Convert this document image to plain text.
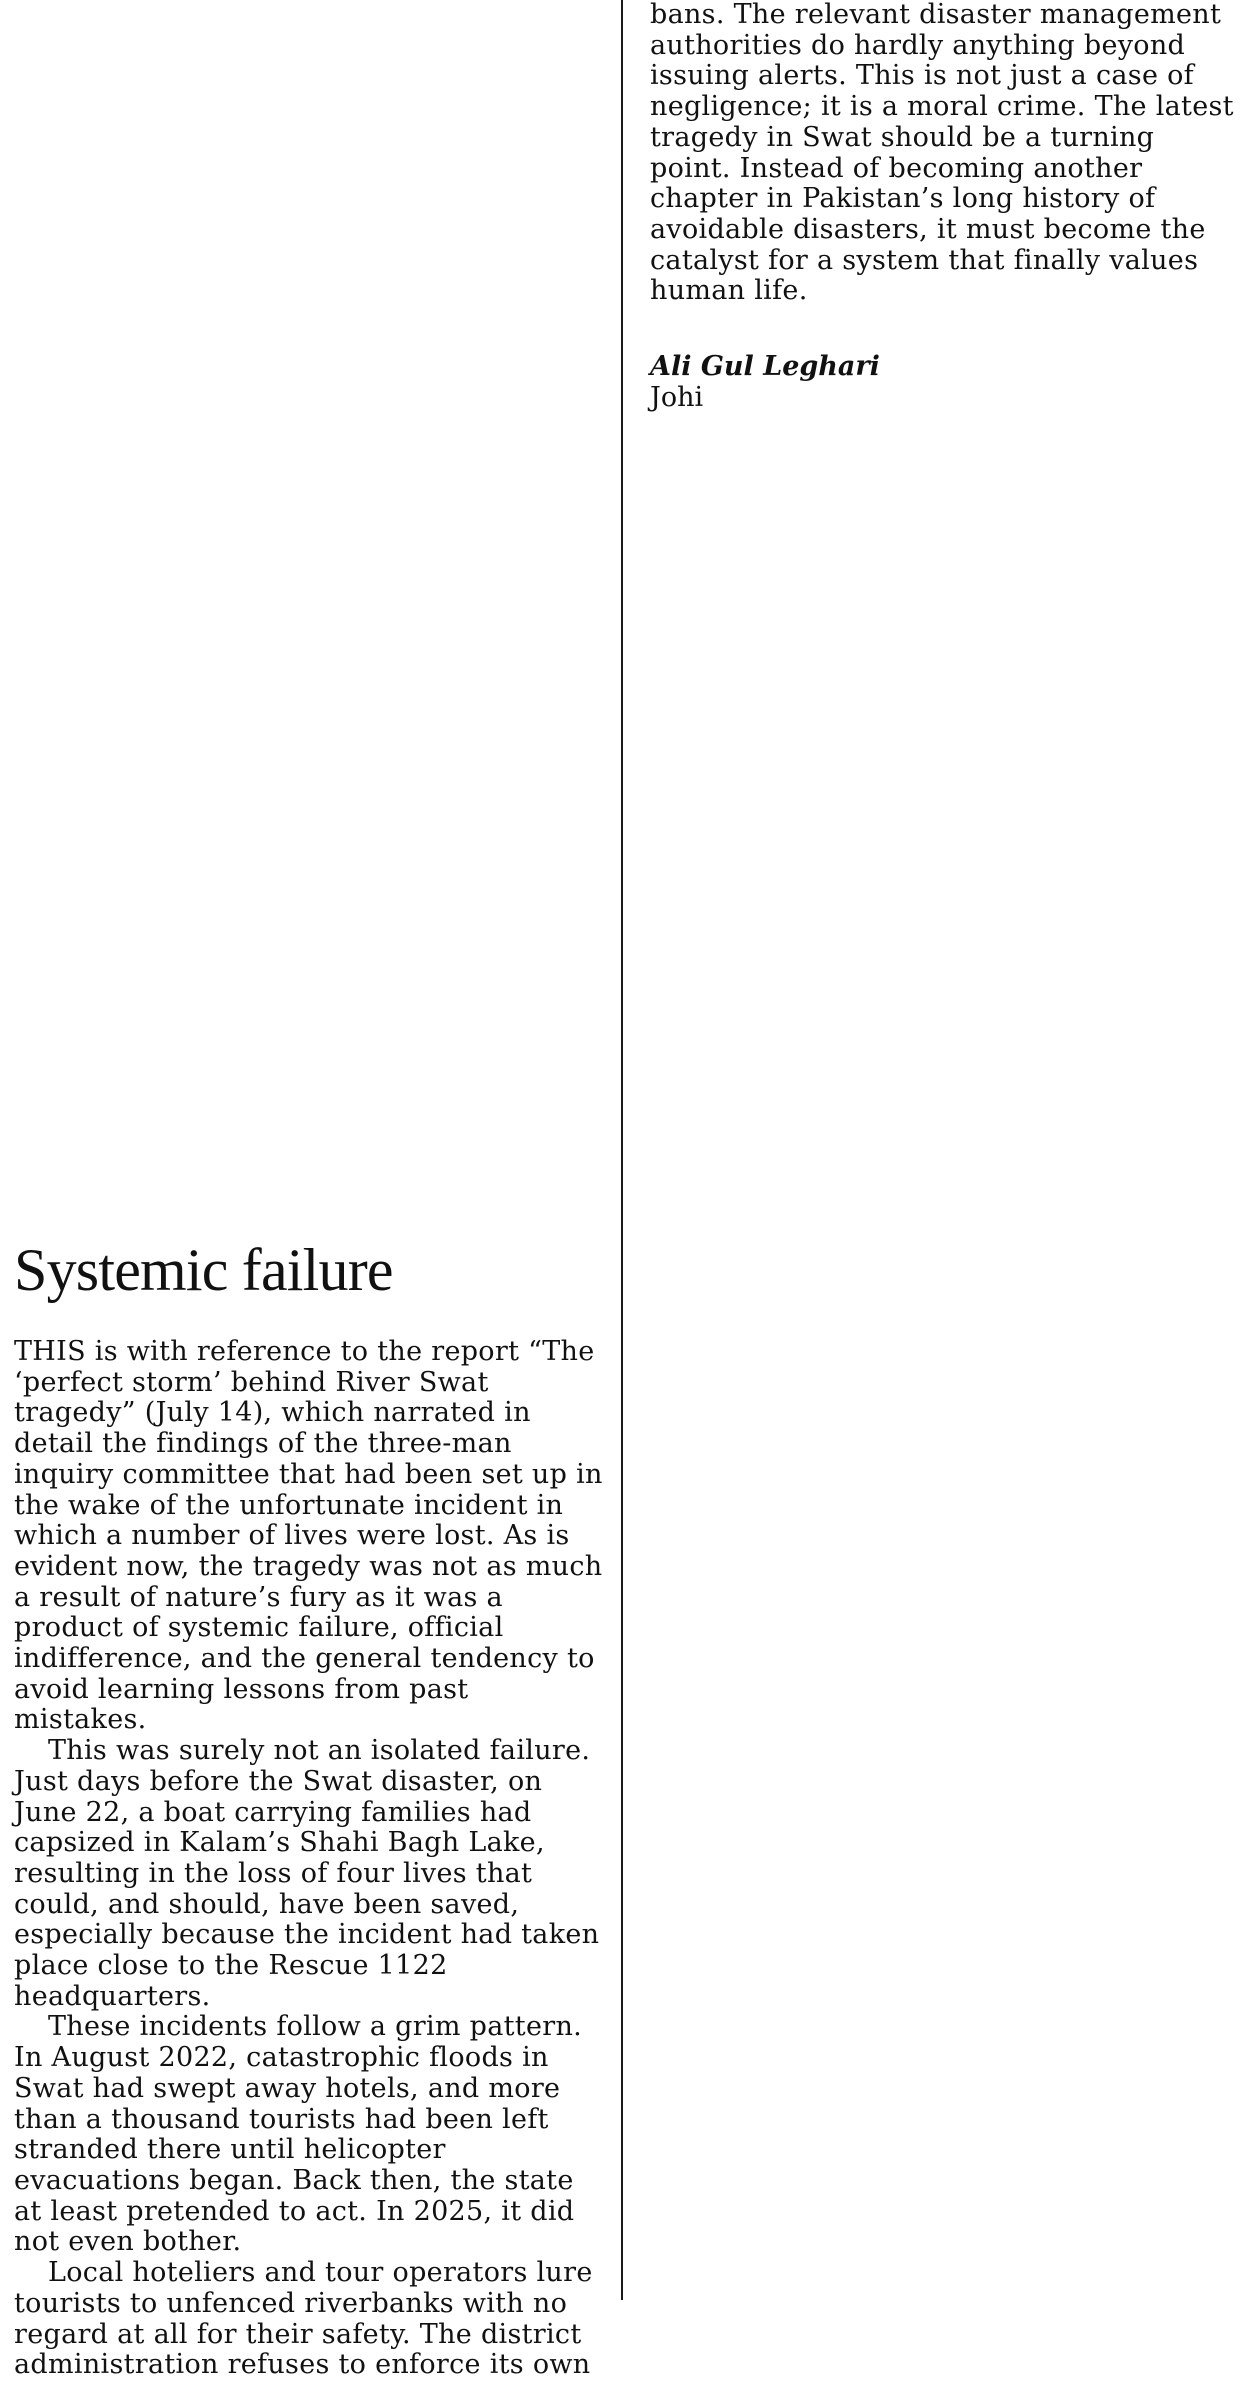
bans. The relevant disaster management authorities do hardly anything beyond issuing alerts. This is not just a case of negligence; it is a moral crime. The latest tragedy in Swat should be a turning point. Instead of becoming another chapter in Pakistan’s long history of avoidable disasters, it must become the catalyst for a system that finally values human life.

Ali Gul Leghari
Johi
Systemic failure

THIS is with reference to the report “The ‘perfect storm’ behind River Swat tragedy” (July 14), which narrated in detail the findings of the three-man inquiry committee that had been set up in the wake of the unfortunate incident in which a number of lives were lost. As is evident now, the tragedy was not as much a result of nature’s fury as it was a product of systemic failure, official indifference, and the general tendency to avoid learning lessons from past mistakes.

This was surely not an isolated failure. Just days before the Swat disaster, on June 22, a boat carrying families had capsized in Kalam’s Shahi Bagh Lake, resulting in the loss of four lives that could, and should, have been saved, especially because the incident had taken place close to the Rescue 1122 headquarters.

These incidents follow a grim pattern. In August 2022, catastrophic floods in Swat had swept away hotels, and more than a thousand tourists had been left stranded there until helicopter evacuations began. Back then, the state at least pretended to act. In 2025, it did not even bother.

Local hoteliers and tour operators lure tourists to unfenced riverbanks with no regard at all for their safety. The district administration refuses to enforce its own
